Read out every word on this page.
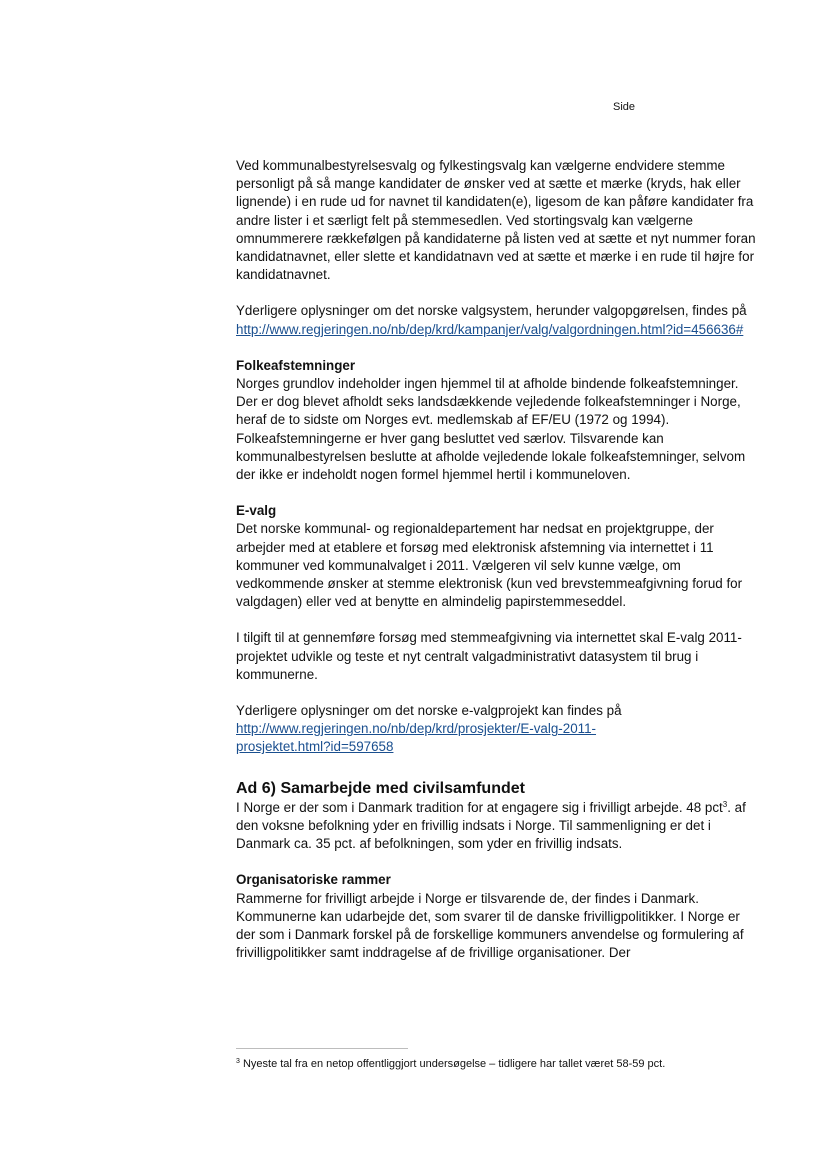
Side

Ved kommunalbestyrelsesvalg og fylkestingsvalg kan vælgerne endvidere stemme personligt på så mange kandidater de ønsker ved at sætte et mærke (kryds, hak eller lignende) i en rude ud for navnet til kandidaten(e), ligesom de kan påføre kandidater fra andre lister i et særligt felt på stemmesedlen. Ved stortingsvalg kan vælgerne omnummerere rækkefølgen på kandidaterne på listen ved at sætte et nyt nummer foran kandidatnavnet, eller slette et kandidatnavn ved at sætte et mærke i en rude til højre for kandidatnavnet.

Yderligere oplysninger om det norske valgsystem, herunder valgopgørelsen, findes på
http://www.regjeringen.no/nb/dep/krd/kampanjer/valg/valgordningen.html?id=456636#

Folkeafstemninger

Norges grundlov indeholder ingen hjemmel til at afholde bindende folkeafstemninger. Der er dog blevet afholdt seks landsdækkende vejledende folkeafstemninger i Norge, heraf de to sidste om Norges evt. medlemskab af EF/EU (1972 og 1994). Folkeafstemningerne er hver gang besluttet ved særlov. Tilsvarende kan kommunalbestyrelsen beslutte at afholde vejledende lokale folkeafstemninger, selvom der ikke er indeholdt nogen formel hjemmel hertil i kommuneloven.

E-valg

Det norske kommunal- og regionaldepartement har nedsat en projektgruppe, der arbejder med at etablere et forsøg med elektronisk afstemning via internettet i 11 kommuner ved kommunalvalget i 2011. Vælgeren vil selv kunne vælge, om vedkommende ønsker at stemme elektronisk (kun ved brevstemmeafgivning forud for valgdagen) eller ved at benytte en almindelig papirstemmeseddel.

I tilgift til at gennemføre forsøg med stemmeafgivning via internettet skal E-valg 2011-projektet udvikle og teste et nyt centralt valgadministrativt datasystem til brug i kommunerne.

Yderligere oplysninger om det norske e-valgprojekt kan findes på
http://www.regjeringen.no/nb/dep/krd/prosjekter/E-valg-2011-
prosjektet.html?id=597658

Ad 6) Samarbejde med civilsamfundet

I Norge er der som i Danmark tradition for at engagere sig i frivilligt arbejde. 48 pct$^3$. af den voksne befolkning yder en frivillig indsats i Norge. Til sammenligning er det i Danmark ca. 35 pct. af befolkningen, som yder en frivillig indsats.

Organisatoriske rammer

Rammerne for frivilligt arbejde i Norge er tilsvarende de, der findes i Danmark. Kommunerne kan udarbejde det, som svarer til de danske frivilligpolitikker. I Norge er der som i Danmark forskel på de forskellige kommuners anvendelse og formulering af frivilligpolitikker samt inddragelse af de frivillige organisationer. Der

$^3$ Nyeste tal fra en netop offentliggjort undersøgelse – tidligere har tallet været 58-59 pct.
